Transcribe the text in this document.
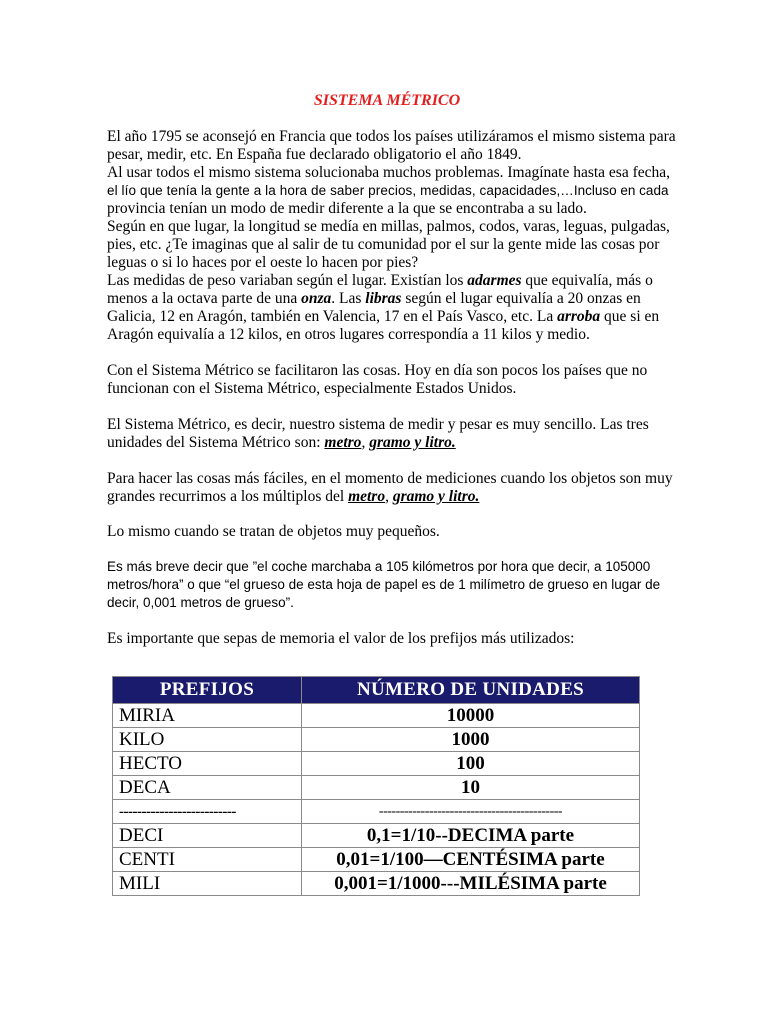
SISTEMA MÉTRICO
El año 1795 se aconsejó en Francia que todos los países utilizáramos el mismo sistema para
pesar, medir, etc. En España fue declarado obligatorio el año 1849.
Al usar todos el mismo sistema solucionaba muchos problemas. Imagínate hasta esa fecha,
el lío que tenía la gente a la hora de saber precios, medidas, capacidades,…Incluso en cada
provincia tenían un modo de medir diferente a la que se encontraba a su lado.
Según en que lugar, la longitud se medía en millas, palmos, codos, varas, leguas, pulgadas,
pies, etc. ¿Te imaginas que al salir de tu comunidad por el sur la gente mide las cosas por
leguas o si lo haces por el oeste lo hacen por pies?
Las medidas de peso variaban según el lugar. Existían los adarmes que equivalía, más o
menos a la octava parte de una onza. Las libras según el lugar equivalía a 20 onzas en
Galicia, 12 en Aragón, también en Valencia, 17 en el País Vasco, etc. La arroba que si en
Aragón equivalía a 12 kilos, en otros lugares correspondía a 11 kilos y medio.
Con el Sistema Métrico se facilitaron las cosas. Hoy en día son pocos los países que no
funcionan con el Sistema Métrico, especialmente Estados Unidos.
El Sistema Métrico, es decir, nuestro sistema de medir y pesar es muy sencillo. Las tres
unidades del Sistema Métrico son: metro, gramo y litro.
Para hacer las cosas más fáciles, en el momento de mediciones cuando los objetos son muy
grandes recurrimos a los múltiplos del metro, gramo y litro.
Lo mismo cuando se tratan de objetos muy pequeños.
Es más breve decir que ”el coche marchaba a 105 kilómetros por hora que decir, a 105000
metros/hora” o que “el grueso de esta hoja de papel es de 1 milímetro de grueso en lugar de
decir, 0,001 metros de grueso”.
Es importante que sepas de memoria el valor de los prefijos más utilizados:
PREFIJOS	NÚMERO DE UNIDADES
MIRIA	10000
KILO	1000
HECTO	100
DECA	10
--------------------------	--------------------------------------------
DECI	0,1=1/10--DECIMA parte
CENTI	0,01=1/100—CENTÉSIMA parte
MILI	0,001=1/1000---MILÉSIMA parte
